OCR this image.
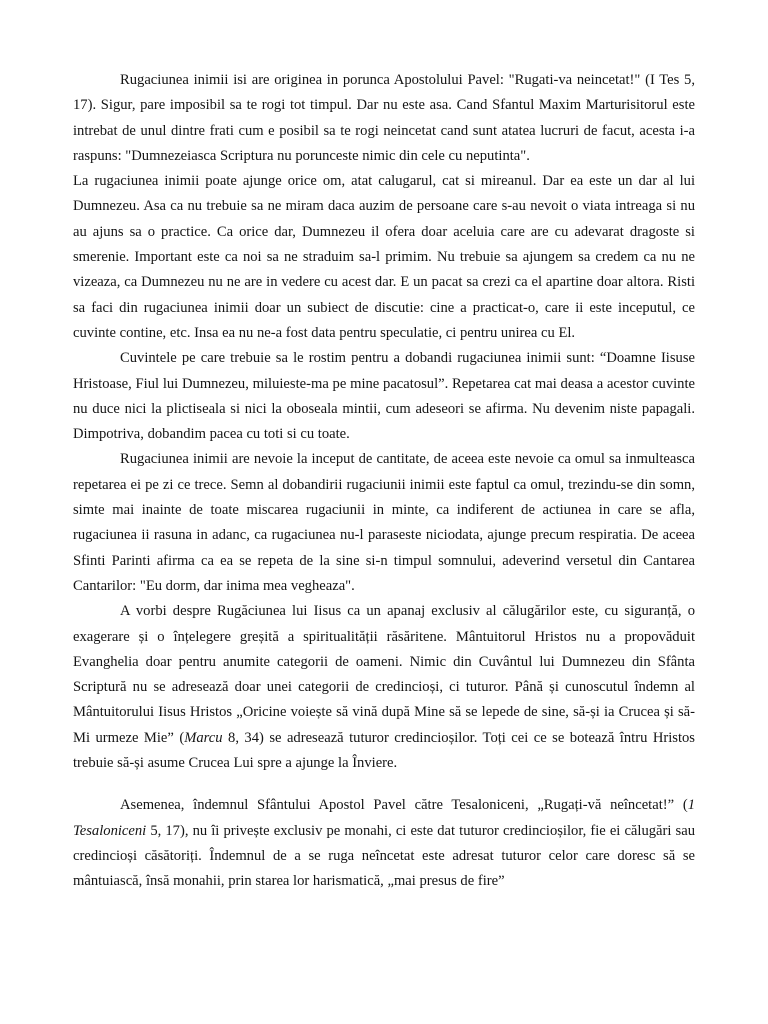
Rugaciunea inimii isi are originea in porunca Apostolului Pavel: "Rugati-va neincetat!" (I Tes 5, 17). Sigur, pare imposibil sa te rogi tot timpul. Dar nu este asa. Cand Sfantul Maxim Marturisitorul este intrebat de unul dintre frati cum e posibil sa te rogi neincetat cand sunt atatea lucruri de facut, acesta i-a raspuns: "Dumnezeiasca Scriptura nu porunceste nimic din cele cu neputinta".

La rugaciunea inimii poate ajunge orice om, atat calugarul, cat si mireanul. Dar ea este un dar al lui Dumnezeu. Asa ca nu trebuie sa ne miram daca auzim de persoane care s-au nevoit o viata intreaga si nu au ajuns sa o practice. Ca orice dar, Dumnezeu il ofera doar aceluia care are cu adevarat dragoste si smerenie. Important este ca noi sa ne straduim sa-l primim. Nu trebuie sa ajungem sa credem ca nu ne vizeaza, ca Dumnezeu nu ne are in vedere cu acest dar. E un pacat sa crezi ca el apartine doar altora. Risti sa faci din rugaciunea inimii doar un subiect de discutie: cine a practicat-o, care ii este inceputul, ce cuvinte contine, etc. Insa ea nu ne-a fost data pentru speculatie, ci pentru unirea cu El.

Cuvintele pe care trebuie sa le rostim pentru a dobandi rugaciunea inimii sunt: “Doamne Iisuse Hristoase, Fiul lui Dumnezeu, miluieste-ma pe mine pacatosul”. Repetarea cat mai deasa a acestor cuvinte nu duce nici la plictiseala si nici la oboseala mintii, cum adeseori se afirma. Nu devenim niste papagali. Dimpotriva, dobandim pacea cu toti si cu toate.

Rugaciunea inimii are nevoie la inceput de cantitate, de aceea este nevoie ca omul sa inmulteasca repetarea ei pe zi ce trece. Semn al dobandirii rugaciunii inimii este faptul ca omul, trezindu-se din somn, simte mai inainte de toate miscarea rugaciunii in minte, ca indiferent de actiunea in care se afla, rugaciunea ii rasuna in adanc, ca rugaciunea nu-l paraseste niciodata, ajunge precum respiratia. De aceea Sfinti Parinti afirma ca ea se repeta de la sine si-n timpul somnului, adeverind versetul din Cantarea Cantarilor: "Eu dorm, dar inima mea vegheaza".

A vorbi despre Rugăciunea lui Iisus ca un apanaj exclusiv al călugărilor este, cu siguranță, o exagerare și o înțelegere greșită a spiritualității răsăritene. Mântuitorul Hristos nu a propovăduit Evanghelia doar pentru anumite categorii de oameni. Nimic din Cuvântul lui Dumnezeu din Sfânta Scriptură nu se adresează doar unei categorii de credincioși, ci tuturor. Până și cunoscutul îndemn al Mântuitorului Iisus Hristos „Oricine voiește să vină după Mine să se lepede de sine, să-și ia Crucea și să-Mi urmeze Mie” (Marcu 8, 34) se adresează tuturor credincioșilor. Toți cei ce se botează întru Hristos trebuie să-și asume Crucea Lui spre a ajunge la Înviere.

Asemenea, îndemnul Sfântului Apostol Pavel către Tesaloniceni, „Rugați-vă neîncetat!” (1 Tesaloniceni 5, 17), nu îi privește exclusiv pe monahi, ci este dat tuturor credincioșilor, fie ei călugări sau credincioși căsătoriți. Îndemnul de a se ruga neîncetat este adresat tuturor celor care doresc să se mântuiască, însă monahii, prin starea lor harismatică, „mai presus de fire”
